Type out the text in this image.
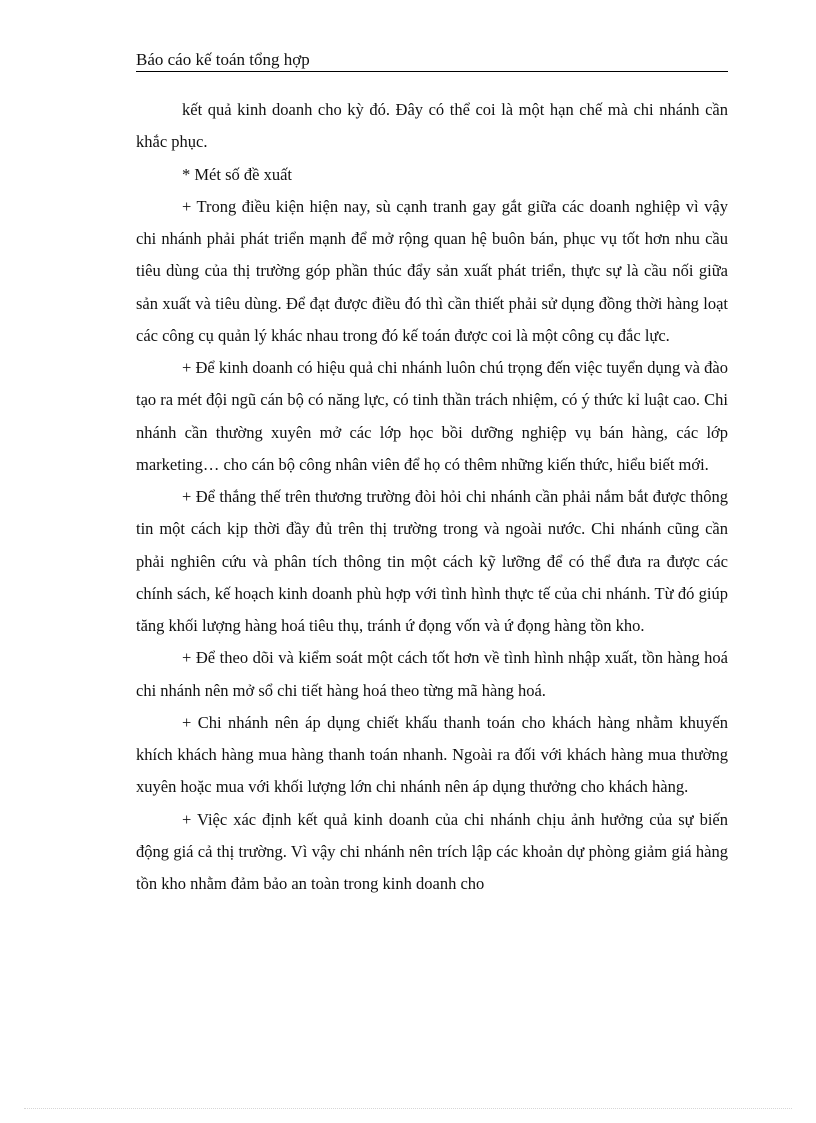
Báo cáo kế toán tổng hợp

kết quả kinh doanh cho kỳ đó. Đây có thể coi là một hạn chế mà chi nhánh cần khắc phục.

* Mét số đề xuất

+ Trong điều kiện hiện nay, sù cạnh tranh gay gắt giữa các doanh nghiệp vì vậy chi nhánh phải phát triển mạnh để mở rộng quan hệ buôn bán, phục vụ tốt hơn nhu cầu tiêu dùng của thị trường góp phần thúc đẩy sản xuất phát triển, thực sự là cầu nối giữa sản xuất và tiêu dùng. Để đạt được điều đó thì cần thiết phải sử dụng đồng thời hàng loạt các công cụ quản lý khác nhau trong đó kế toán được coi là một công cụ đắc lực.

+ Để kinh doanh có hiệu quả chi nhánh luôn chú trọng đến việc tuyển dụng và đào tạo ra mét đội ngũ cán bộ có năng lực, có tinh thần trách nhiệm, có ý thức kỉ luật cao. Chi nhánh cần thường xuyên mở các lớp học bồi dưỡng nghiệp vụ bán hàng, các lớp marketing… cho cán bộ công nhân viên để họ có thêm những kiến thức, hiểu biết mới.

+ Để thắng thế trên thương trường đòi hỏi chi nhánh cần phải nắm bắt được thông tin một cách kịp thời đầy đủ trên thị trường trong và ngoài nước. Chi nhánh cũng cần phải nghiên cứu và phân tích thông tin một cách kỹ lưỡng để có thể đưa ra được các chính sách, kế hoạch kinh doanh phù hợp với tình hình thực tế của chi nhánh. Từ đó giúp tăng khối lượng hàng hoá tiêu thụ, tránh ứ đọng vốn và ứ đọng hàng tồn kho.

+ Để theo dõi và kiểm soát một cách tốt hơn về tình hình nhập xuất, tồn hàng hoá chi nhánh nên mở sổ chi tiết hàng hoá theo từng mã hàng hoá.

+ Chi nhánh nên áp dụng chiết khấu thanh toán cho khách hàng nhằm khuyến khích khách hàng mua hàng thanh toán nhanh. Ngoài ra đối với khách hàng mua thường xuyên hoặc mua với khối lượng lớn chi nhánh nên áp dụng thưởng cho khách hàng.

+ Việc xác định kết quả kinh doanh của chi nhánh chịu ảnh hưởng của sự biến động giá cả thị trường. Vì vậy chi nhánh nên trích lập các khoản dự phòng giảm giá hàng tồn kho nhằm đảm bảo an toàn trong kinh doanh cho
